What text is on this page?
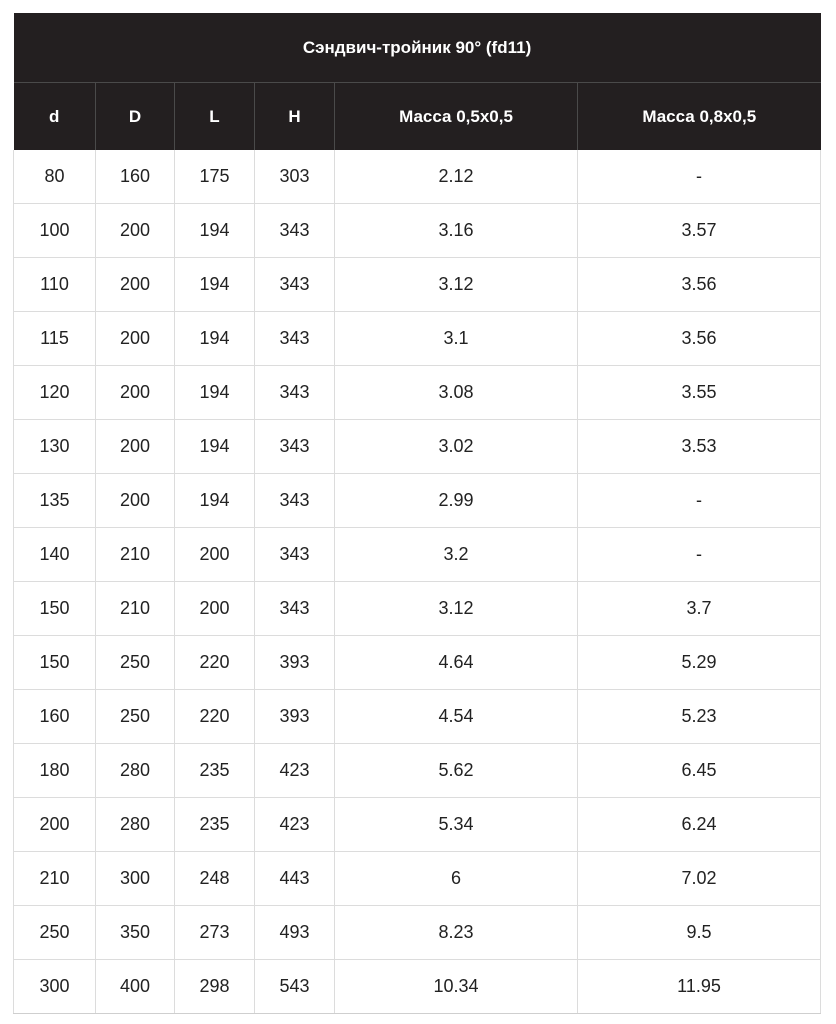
Сэндвич-тройник 90° (fd11)					
d	D	L	H	Масса 0,5х0,5	Масса 0,8х0,5
80	160	175	303	2.12	-
100	200	194	343	3.16	3.57
110	200	194	343	3.12	3.56
115	200	194	343	3.1	3.56
120	200	194	343	3.08	3.55
130	200	194	343	3.02	3.53
135	200	194	343	2.99	-
140	210	200	343	3.2	-
150	210	200	343	3.12	3.7
150	250	220	393	4.64	5.29
160	250	220	393	4.54	5.23
180	280	235	423	5.62	6.45
200	280	235	423	5.34	6.24
210	300	248	443	6	7.02
250	350	273	493	8.23	9.5
300	400	298	543	10.34	11.95
